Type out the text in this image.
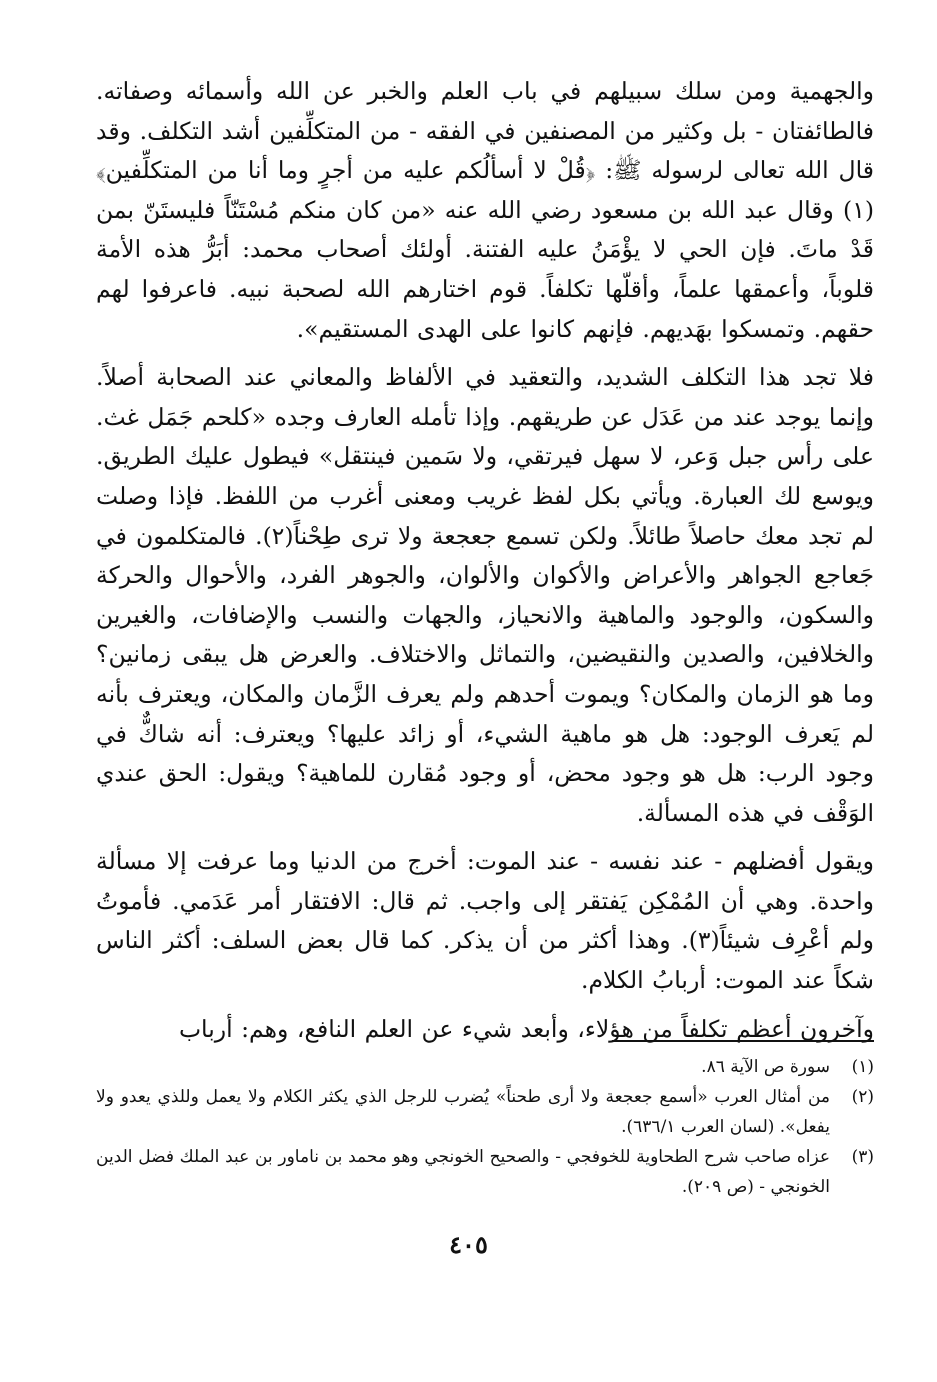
والجهمية ومن سلك سبيلهم في باب العلم والخبر عن الله وأسمائه وصفاته. فالطائفتان - بل وكثير من المصنفين في الفقه - من المتكلِّفين أشد التكلف. وقد قال الله تعالى لرسوله ﷺ: ﴿قُلْ لا أسألُكم عليه من أجرٍ وما أنا من المتكلِّفين﴾(١) وقال عبد الله بن مسعود رضي الله عنه «من كان منكم مُسْتَنّاً فليستَنّ بمن قَدْ ماتَ. فإن الحي لا يؤْمَنُ عليه الفتنة. أولئك أصحاب محمد: أبَرُّ هذه الأمة قلوباً، وأعمقها علماً، وأقلّها تكلفاً. قوم اختارهم الله لصحبة نبيه. فاعرفوا لهم حقهم. وتمسكوا بهَديهم. فإنهم كانوا على الهدى المستقيم».

فلا تجد هذا التكلف الشديد، والتعقيد في الألفاظ والمعاني عند الصحابة أصلاً. وإنما يوجد عند من عَدَل عن طريقهم. وإذا تأمله العارف وجده «كلحم جَمَل غث. على رأس جبل وَعر، لا سهل فيرتقي، ولا سَمين فينتقل» فيطول عليك الطريق. ويوسع لك العبارة. ويأتي بكل لفظ غريب ومعنى أغرب من اللفظ. فإذا وصلت لم تجد معك حاصلاً طائلاً. ولكن تسمع جعجعة ولا ترى طِحْناً(٢). فالمتكلمون في جَعاجع الجواهر والأعراض والأكوان والألوان، والجوهر الفرد، والأحوال والحركة والسكون، والوجود والماهية والانحياز، والجهات والنسب والإضافات، والغيرين والخلافين، والصدين والنقيضين، والتماثل والاختلاف. والعرض هل يبقى زمانين؟ وما هو الزمان والمكان؟ ويموت أحدهم ولم يعرف الزَّمان والمكان، ويعترف بأنه لم يَعرف الوجود: هل هو ماهية الشيء، أو زائد عليها؟ ويعترف: أنه شاكٌّ في وجود الرب: هل هو وجود محض، أو وجود مُقارن للماهية؟ ويقول: الحق عندي الوَقْف في هذه المسألة.

ويقول أفضلهم - عند نفسه - عند الموت: أخرج من الدنيا وما عرفت إلا مسألة واحدة. وهي أن المُمْكِن يَفتقر إلى واجب. ثم قال: الافتقار أمر عَدَمي. فأموتُ ولم أعْرِف شيئاً(٣). وهذا أكثر من أن يذكر. كما قال بعض السلف: أكثر الناس شكاً عند الموت: أربابُ الكلام.

وآخرون أعظم تكلفاً من هؤلاء، وأبعد شيء عن العلم النافع، وهم: أرباب

(١)
سورة ص الآية ٨٦.
(٢)
من أمثال العرب «أسمع جعجعة ولا أرى طحناً» يُضرب للرجل الذي يكثر الكلام ولا يعمل وللذي يعدو ولا يفعل». (لسان العرب ٦٣٦/١).
(٣)
عزاه صاحب شرح الطحاوية للخوفجي - والصحيح الخونجي وهو محمد بن ناماور بن عبد الملك فضل الدين الخونجي - (ص ٢٠٩).
٤٠٥
